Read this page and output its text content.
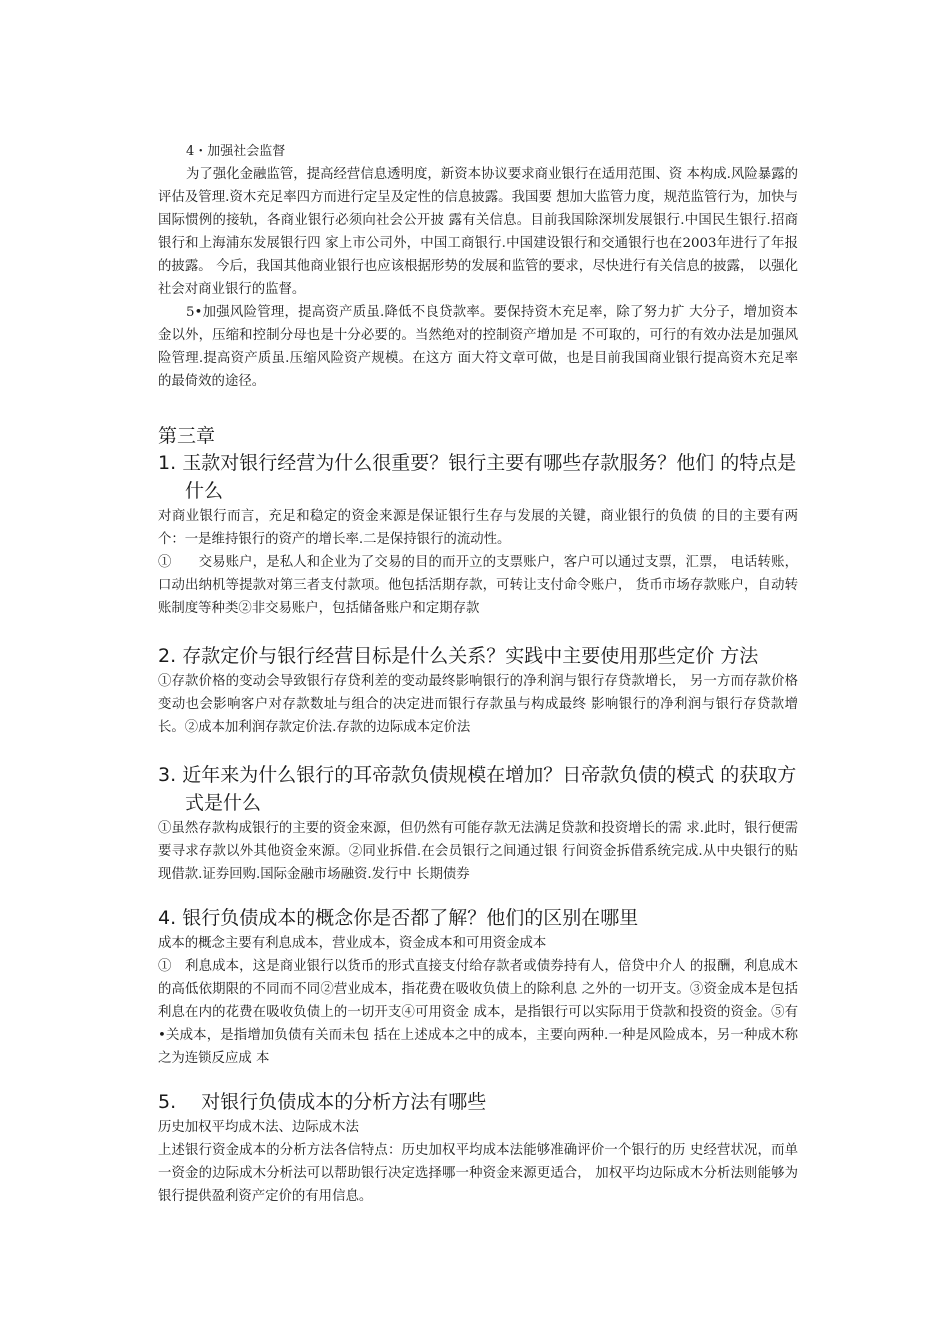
4・加强社会监督

为了强化金融监管，提高经营信息透明度，新资本协议要求商业银行在适用范围、资 本构成.风险暴露的评估及管理.资木充足率四方而进行定呈及定性的信息披露。我国要 想加大监管力度，规范监管行为，加快与国际惯例的接轨，各商业银行必须向社会公开披 露有关信息。目前我国除深圳发展银行.中国民生银行.招商银行和上海浦东发展银行四 家上市公司外，中国工商银行.中国建设银行和交通银行也在2003年进行了年报的披露。 今后，我国其他商业银行也应该根据形势的发展和监管的要求，尽快进行有关信息的披露， 以强化社会对商业银行的监督。

5•加强风险管理，提高资产质虽.降低不良贷款率。要保持资木充足率，除了努力扩 大分子，增加资本金以外，压缩和控制分母也是十分必要的。当然绝对的控制资产增加是 不可取的，可行的有效办法是加强风险管理.提高资产质虽.压缩风险资产规模。在这方 面大符文章可做，也是目前我国商业银行提高资木充足率的最倚效的途径。

第三章

1. 玉款对银行经营为什么很重要？银行主要有哪些存款服务？他们 的特点是什么

对商业银行而言，充足和稳定的资金来源是保证银行生存与发展的关键，商业银行的负债 的目的主要有两个：一是维持银行的资产的增长率.二是保持银行的流动性。

①　　交易账户，是私人和企业为了交易的目的而开立的支票账户，客户可以通过支票，汇票， 电话转账，口动出纳机等提款对第三者支付款项。他包括活期存款，可转让支付命令账户， 货币市场存款账户，自动转账制度等种类②非交易账户，包括储备账户和定期存款

2. 存款定价与银行经营目标是什么关系？实践中主要使用那些定价 方法

①存款价格的变动会导致银行存贷利差的变动最终影响银行的净利润与银行存贷款增长， 另一方而存款价格变动也会影响客户对存款数址与组合的决定进而银行存款虽与构成最终 影响银行的净利润与银行存贷款增长。②成本加利润存款定价法.存款的边际成本定价法

3. 近年来为什么银行的耳帝款负债规模在增加？日帝款负债的模式 的获取方式是什么

①虽然存款构成银行的主要的资金來源，但仍然有可能存款无法满足贷款和投资增长的需 求.此时，银行便需要寻求存款以外其他资金來源。②同业拆借.在会员银行之间通过银 行间资金拆借系统完成.从中央银行的贴现借款.证券回购.国际金融市场融资.发行中 长期债券

4. 银行负债成本的概念你是否都了解？他们的区别在哪里

成本的概念主要有利息成本，营业成本，资金成本和可用资金成本

①　利息成本，这是商业银行以货币的形式直接支付给存款者或债券持有人，倍贷中介人 的报酬，利息成木的高低依期限的不同而不同②营业成本，指花费在吸收负债上的除利息 之外的一切开支。③资金成本是包括利息在内的花费在吸收负债上的一切开支④可用资金 成本，是指银行可以实际用于贷款和投资的资金。⑤有•关成本，是指增加负债有关而未包 括在上述成本之中的成本，主要向两种.一种是风险成本，另一种成木称之为连锁反应成 本

5. 　对银行负债成本的分析方法有哪些

历史加权平均成木法、边际成木法

上述银行资金成本的分析方法各信特点：历史加权平均成本法能够准确评价一个银行的历 史经营状况，而单一资金的边际成木分析法可以帮助银行决定选择哪一种资金来源更适合， 加权平均边际成木分析法则能够为银行提供盈利资产定价的有用信息。
